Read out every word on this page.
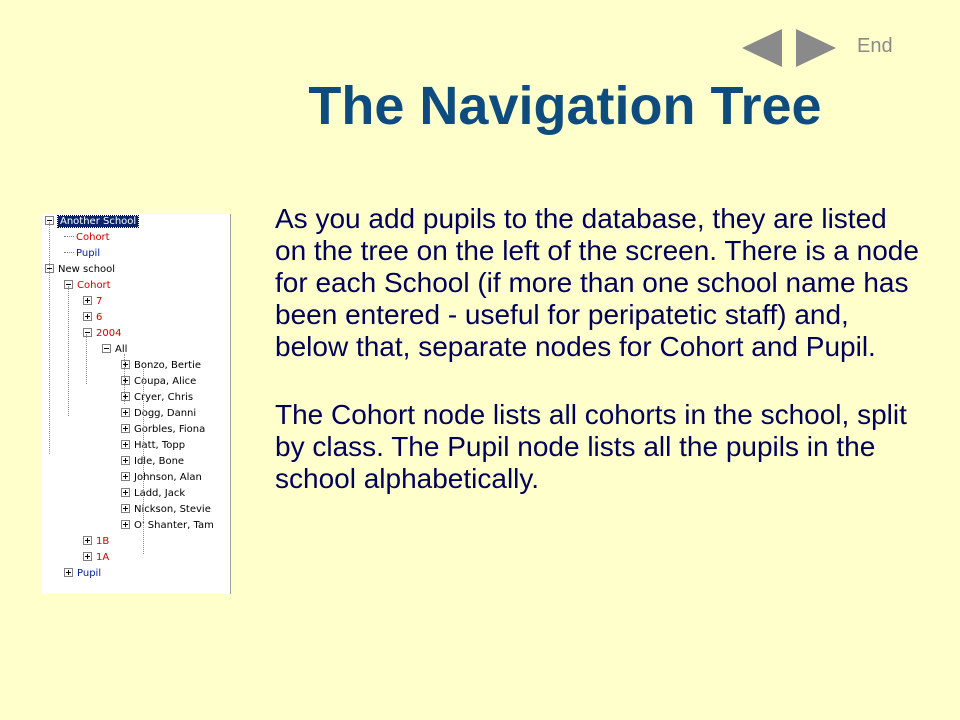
End
The Navigation Tree
Another School
Cohort
Pupil
New school
Cohort
7
6
2004
All
Bonzo, Bertie
Coupa, Alice
Cryer, Chris
Dogg, Danni
Gorbles, Fiona
Hatt, Topp
Idle, Bone
Johnson, Alan
Ladd, Jack
Nickson, Stevie
O' Shanter, Tam
1B
1A
Pupil

As you add pupils to the database, they are listed on the tree on the left of the screen. There is a node for each School (if more than one school name has been entered - useful for peripatetic staff) and, below that, separate nodes for Cohort and Pupil.

The Cohort node lists all cohorts in the school, split by class. The Pupil node lists all the pupils in the school alphabetically.
